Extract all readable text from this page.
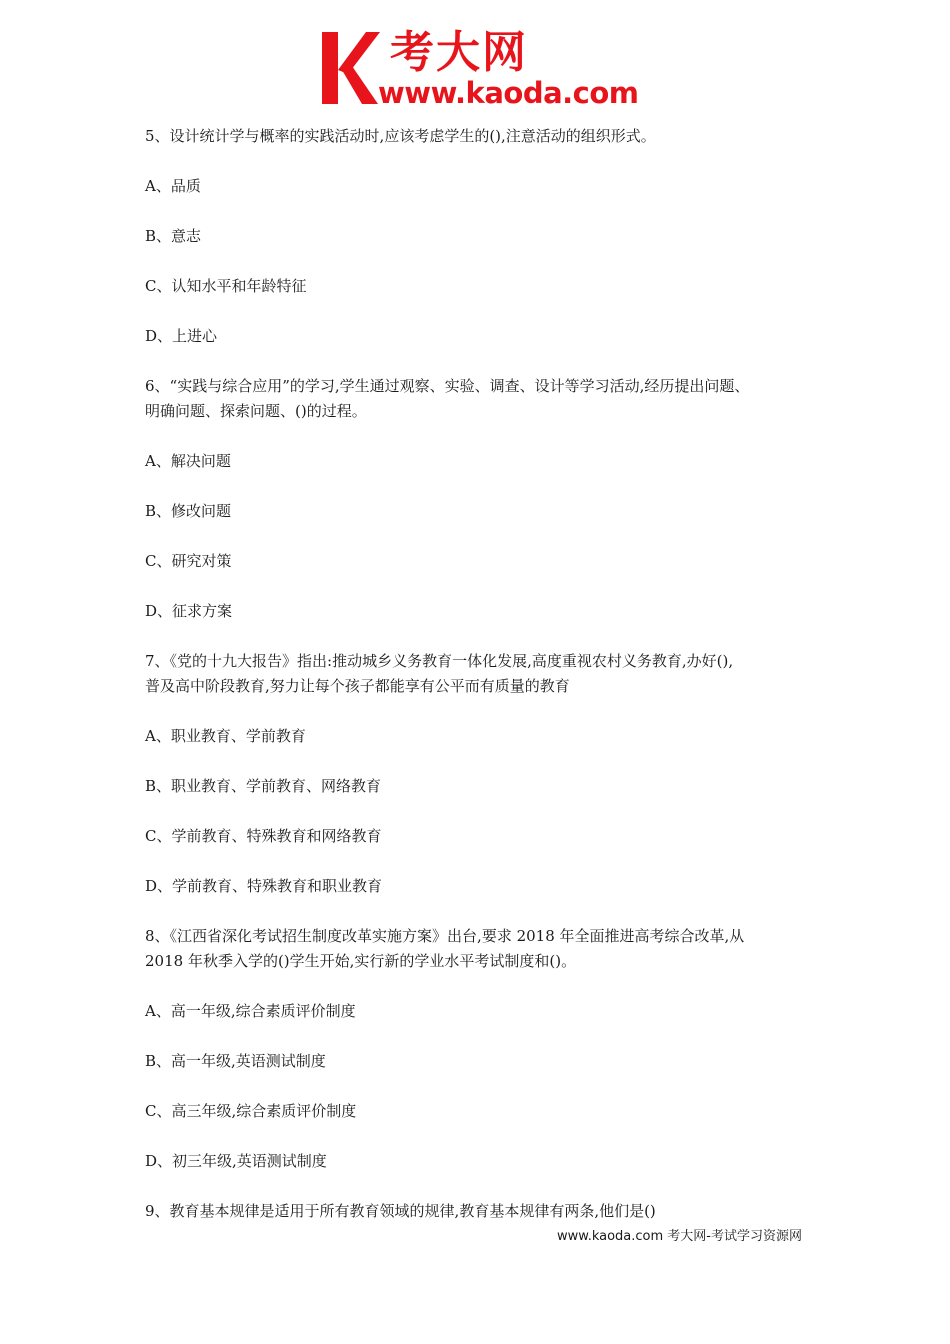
考大网
www.kaoda.com

5、设计统计学与概率的实践活动时,应该考虑学生的(),注意活动的组织形式。

A、品质

B、意志

C、认知水平和年龄特征

D、上进心

6、“实践与综合应用”的学习,学生通过观察、实验、调查、设计等学习活动,经历提出问题、
明确问题、探索问题、()的过程。

A、解决问题

B、修改问题

C、研究对策

D、征求方案

7、《党的十九大报告》指出:推动城乡义务教育一体化发展,高度重视农村义务教育,办好(),
普及高中阶段教育,努力让每个孩子都能享有公平而有质量的教育

A、职业教育、学前教育

B、职业教育、学前教育、网络教育

C、学前教育、特殊教育和网络教育

D、学前教育、特殊教育和职业教育

8、《江西省深化考试招生制度改革实施方案》出台,要求 2018 年全面推进高考综合改革,从
2018 年秋季入学的()学生开始,实行新的学业水平考试制度和()。

A、高一年级,综合素质评价制度

B、高一年级,英语测试制度

C、高三年级,综合素质评价制度

D、初三年级,英语测试制度

9、教育基本规律是适用于所有教育领域的规律,教育基本规律有两条,他们是()

www.kaoda.com 考大网-考试学习资源网
